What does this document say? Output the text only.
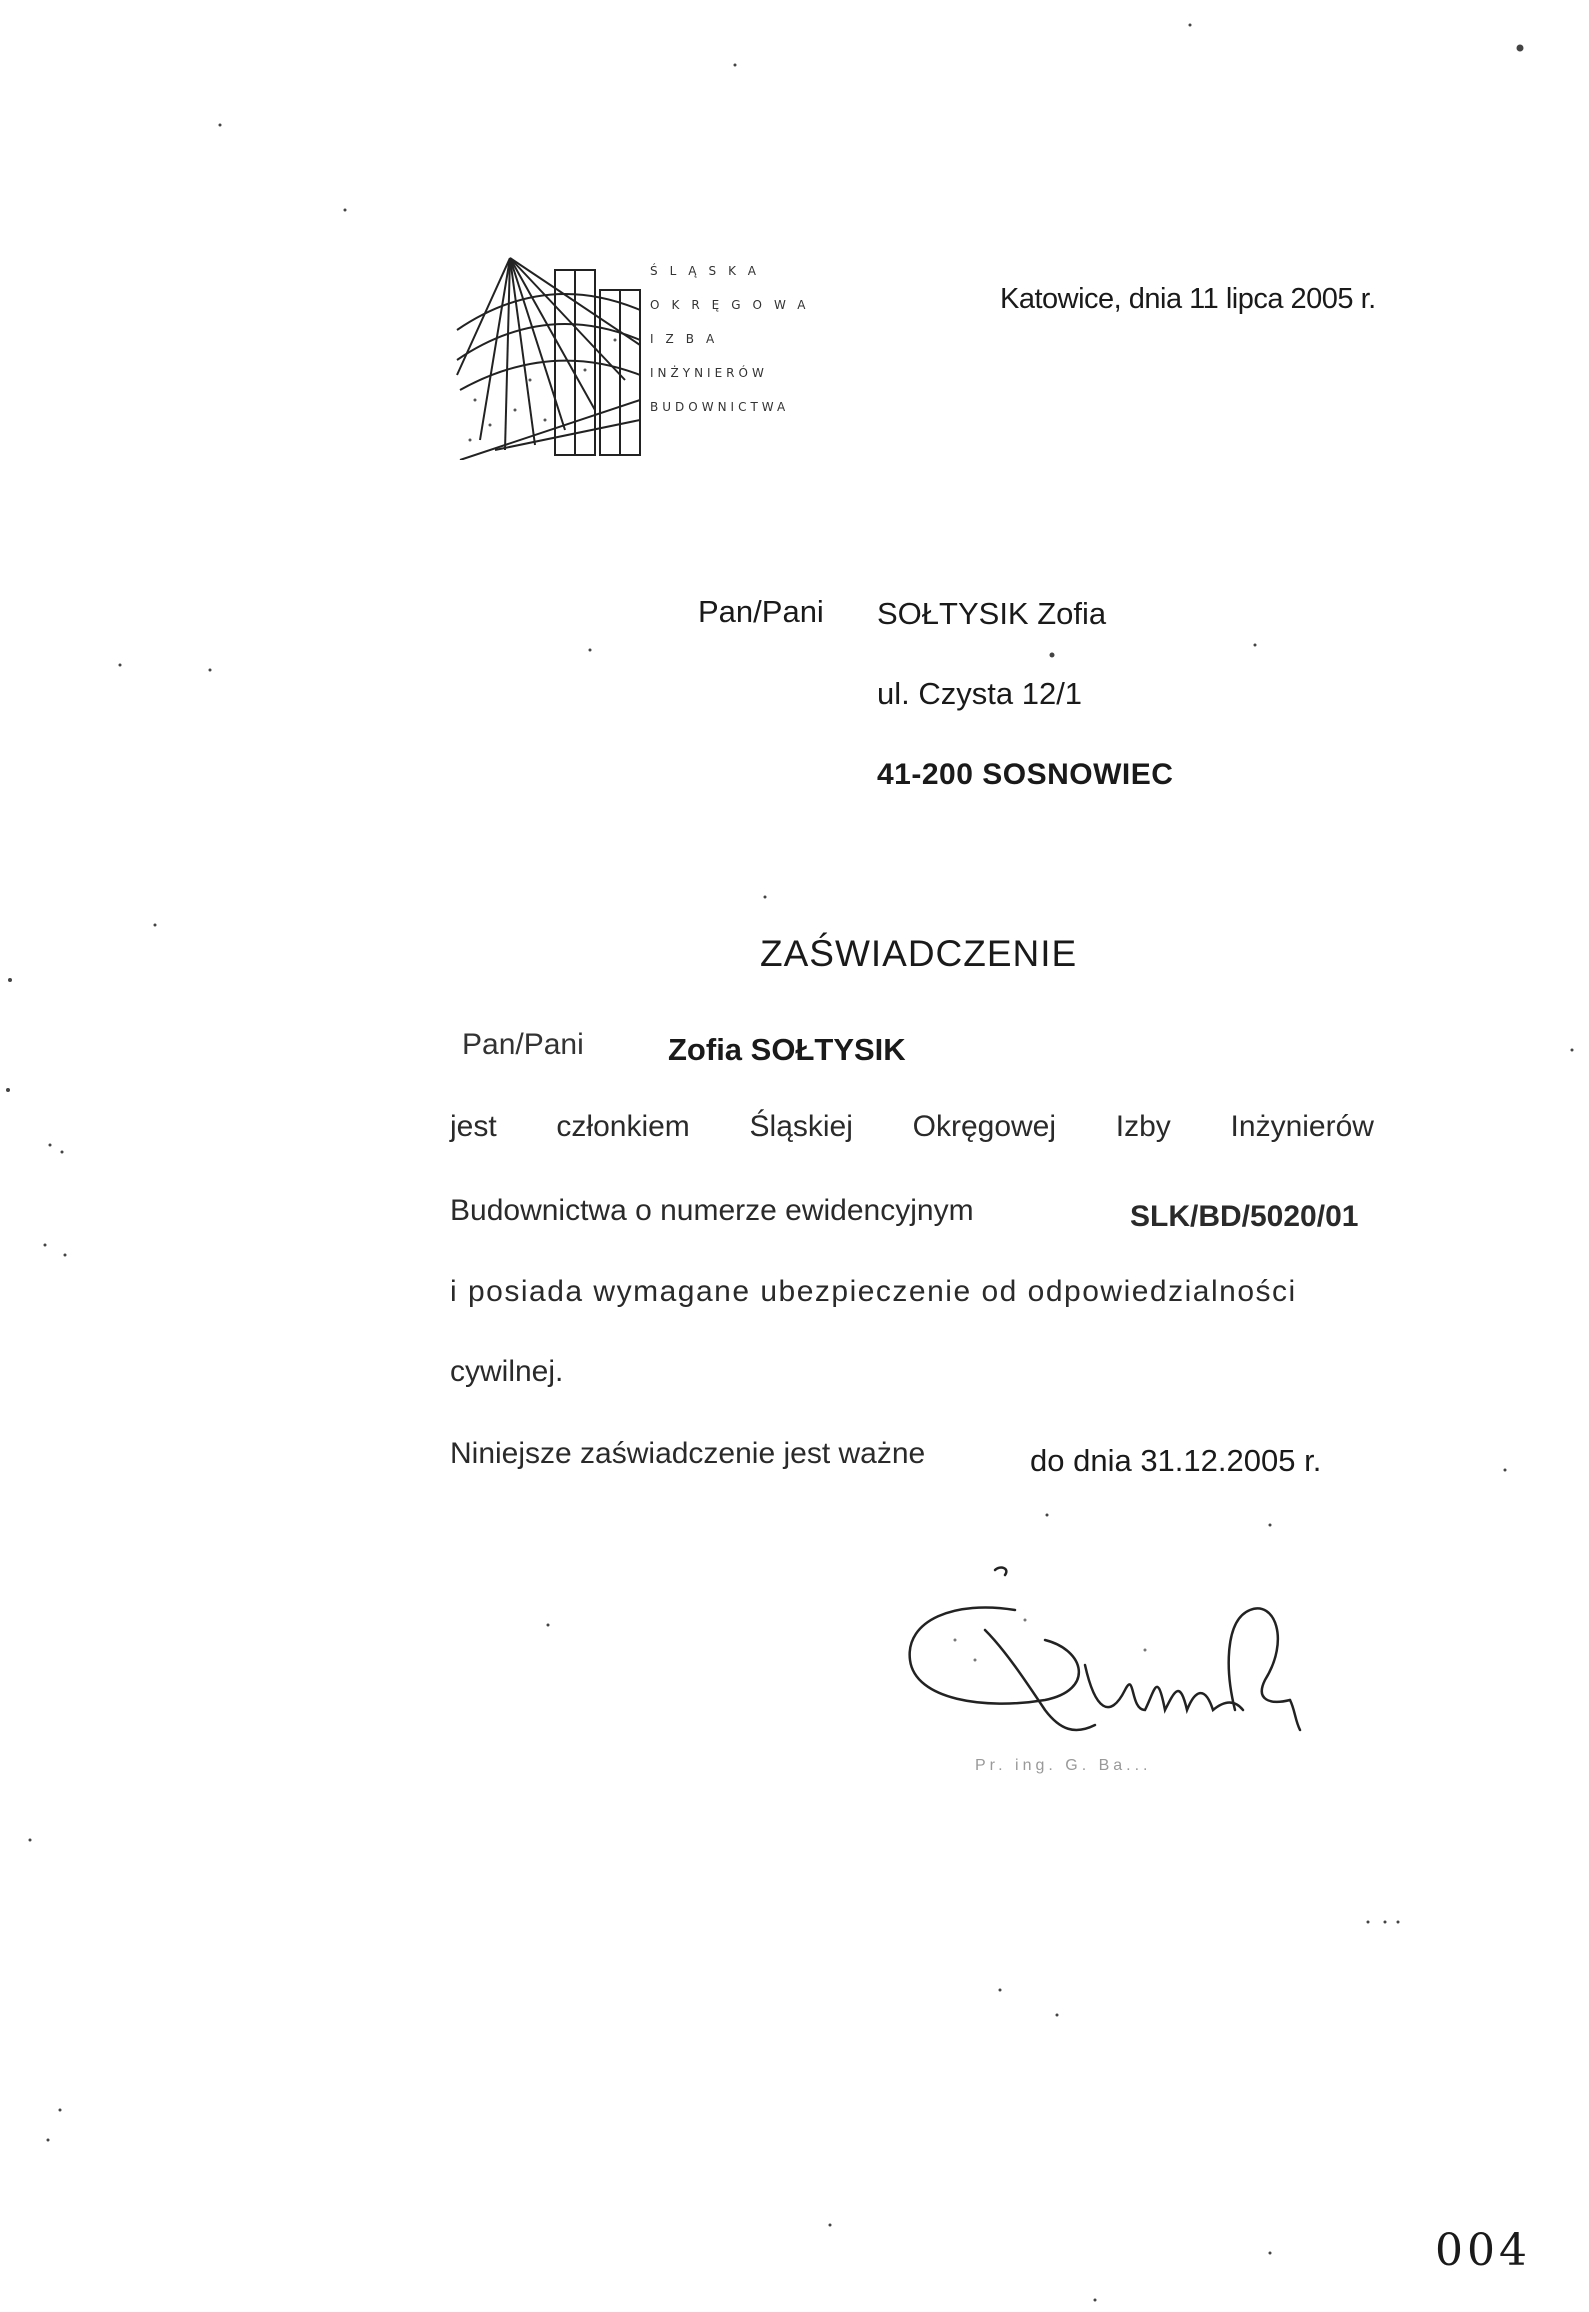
ŚLĄSKA
OKRĘGOWA
IZBA
INŻYNIERÓW
BUDOWNICTWA
Katowice, dnia 11 lipca 2005 r.
Pan/Pani SOŁTYSIK Zofia
ul. Czysta 12/1
41-200 SOSNOWIEC
ZAŚWIADCZENIE
Pan/Pani	Zofia SOŁTYSIK
jest członkiem Śląskiej Okręgowej Izby Inżynierów
Budownictwa o numerze ewidencyjnym	SLK/BD/5020/01
i posiada wymagane ubezpieczenie od odpowiedzialności
cywilnej.
Niniejsze zaświadczenie jest ważne	do dnia 31.12.2005 r.
Pr. ing. G. Ba...
004
